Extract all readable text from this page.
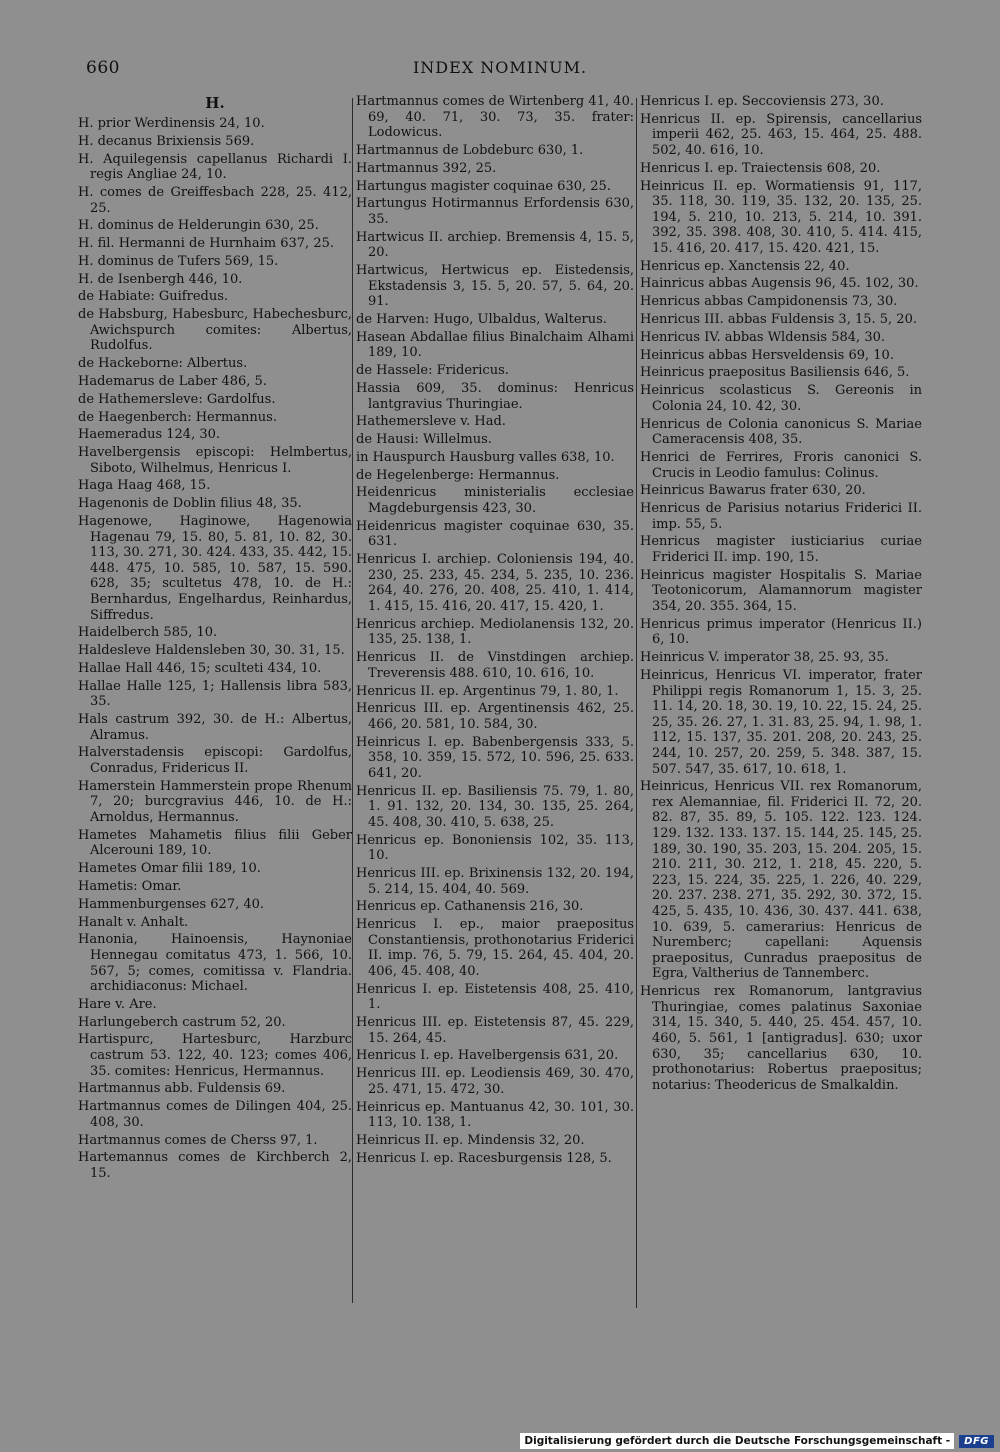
660	INDEX NOMINUM.
H.
H. prior Werdinensis 24, 10.
H. decanus Brixiensis 569.
H. Aquilegensis capellanus Richardi I. regis Angliae 24, 10.
H. comes de Greiffesbach 228, 25. 412, 25.
H. dominus de Helderungin 630, 25.
H. fil. Hermanni de Hurnhaim 637, 25.
H. dominus de Tufers 569, 15.
H. de Isenbergh 446, 10.
de Habiate: Guifredus.
de Habsburg, Habesburc, Habechesburc, Awichspurch comites: Albertus, Rudolfus.
de Hackeborne: Albertus.
Hademarus de Laber 486, 5.
de Hathemersleve: Gardolfus.
de Haegenberch: Hermannus.
Haemeradus 124, 30.
Havelbergensis episcopi: Helmbertus, Siboto, Wilhelmus, Henricus I.
Haga Haag 468, 15.
Hagenonis de Doblin filius 48, 35.
Hagenowe, Haginowe, Hagenowia Hagenau 79, 15. 80, 5. 81, 10. 82, 30. 113, 30. 271, 30. 424. 433, 35. 442, 15. 448. 475, 10. 585, 10. 587, 15. 590. 628, 35; scultetus 478, 10. de H.: Bernhardus, Engelhardus, Reinhardus, Siffredus.
Haidelberch 585, 10.
Haldesleve Haldensleben 30, 30. 31, 15.
Hallae Hall 446, 15; sculteti 434, 10.
Hallae Halle 125, 1; Hallensis libra 583, 35.
Hals castrum 392, 30. de H.: Albertus, Alramus.
Halverstadensis episcopi: Gardolfus, Conradus, Fridericus II.
Hamerstein Hammerstein prope Rhenum 7, 20; burcgravius 446, 10. de H.: Arnoldus, Hermannus.
Hametes Mahametis filius filii Geber Alcerouni 189, 10.
Hametes Omar filii 189, 10.
Hametis: Omar.
Hammenburgenses 627, 40.
Hanalt v. Anhalt.
Hanonia, Hainoensis, Haynoniae Hennegau comitatus 473, 1. 566, 10. 567, 5; comes, comitissa v. Flandria. archidiaconus: Michael.
Hare v. Are.
Harlungeberch castrum 52, 20.
Hartispurc, Hartesburc, Harzburc castrum 53. 122, 40. 123; comes 406, 35. comites: Henricus, Hermannus.
Hartmannus abb. Fuldensis 69.
Hartmannus comes de Dilingen 404, 25. 408, 30.
Hartmannus comes de Cherss 97, 1.
Hartemannus comes de Kirchberch 2, 15.
Hartmannus comes de Wirtenberg 41, 40. 69, 40. 71, 30. 73, 35. frater: Lodowicus.
Hartmannus de Lobdeburc 630, 1.
Hartmannus 392, 25.
Hartungus magister coquinae 630, 25.
Hartungus Hotirmannus Erfordensis 630, 35.
Hartwicus II. archiep. Bremensis 4, 15. 5, 20.
Hartwicus, Hertwicus ep. Eistedensis, Ekstadensis 3, 15. 5, 20. 57, 5. 64, 20. 91.
de Harven: Hugo, Ulbaldus, Walterus.
Hasean Abdallae filius Binalchaim Alhami 189, 10.
de Hassele: Fridericus.
Hassia 609, 35. dominus: Henricus lantgravius Thuringiae.
Hathemersleve v. Had.
de Hausi: Willelmus.
in Hauspurch Hausburg valles 638, 10.
de Hegelenberge: Hermannus.
Heidenricus ministerialis ecclesiae Magdeburgensis 423, 30.
Heidenricus magister coquinae 630, 35. 631.
Henricus I. archiep. Coloniensis 194, 40. 230, 25. 233, 45. 234, 5. 235, 10. 236. 264, 40. 276, 20. 408, 25. 410, 1. 414, 1. 415, 15. 416, 20. 417, 15. 420, 1.
Henricus archiep. Mediolanensis 132, 20. 135, 25. 138, 1.
Henricus II. de Vinstdingen archiep. Treverensis 488. 610, 10. 616, 10.
Henricus II. ep. Argentinus 79, 1. 80, 1.
Henricus III. ep. Argentinensis 462, 25. 466, 20. 581, 10. 584, 30.
Heinricus I. ep. Babenbergensis 333, 5. 358, 10. 359, 15. 572, 10. 596, 25. 633. 641, 20.
Henricus II. ep. Basiliensis 75. 79, 1. 80, 1. 91. 132, 20. 134, 30. 135, 25. 264, 45. 408, 30. 410, 5. 638, 25.
Henricus ep. Bononiensis 102, 35. 113, 10.
Henricus III. ep. Brixinensis 132, 20. 194, 5. 214, 15. 404, 40. 569.
Henricus ep. Cathanensis 216, 30.
Henricus I. ep., maior praepositus Constantiensis, prothonotarius Friderici II. imp. 76, 5. 79, 15. 264, 45. 404, 20. 406, 45. 408, 40.
Henricus I. ep. Eistetensis 408, 25. 410, 1.
Henricus III. ep. Eistetensis 87, 45. 229, 15. 264, 45.
Henricus I. ep. Havelbergensis 631, 20.
Henricus III. ep. Leodiensis 469, 30. 470, 25. 471, 15. 472, 30.
Heinricus ep. Mantuanus 42, 30. 101, 30. 113, 10. 138, 1.
Heinricus II. ep. Mindensis 32, 20.
Henricus I. ep. Racesburgensis 128, 5.
Henricus I. ep. Seccoviensis 273, 30.
Henricus II. ep. Spirensis, cancellarius imperii 462, 25. 463, 15. 464, 25. 488. 502, 40. 616, 10.
Henricus I. ep. Traiectensis 608, 20.
Heinricus II. ep. Wormatiensis 91, 117, 35. 118, 30. 119, 35. 132, 20. 135, 25. 194, 5. 210, 10. 213, 5. 214, 10. 391. 392, 35. 398. 408, 30. 410, 5. 414. 415, 15. 416, 20. 417, 15. 420. 421, 15.
Henricus ep. Xanctensis 22, 40.
Hainricus abbas Augensis 96, 45. 102, 30.
Henricus abbas Campidonensis 73, 30.
Henricus III. abbas Fuldensis 3, 15. 5, 20.
Henricus IV. abbas Wldensis 584, 30.
Heinricus abbas Hersveldensis 69, 10.
Heinricus praepositus Basiliensis 646, 5.
Heinricus scolasticus S. Gereonis in Colonia 24, 10. 42, 30.
Henricus de Colonia canonicus S. Mariae Cameracensis 408, 35.
Henrici de Ferrires, Froris canonici S. Crucis in Leodio famulus: Colinus.
Heinricus Bawarus frater 630, 20.
Henricus de Parisius notarius Friderici II. imp. 55, 5.
Henricus magister iusticiarius curiae Friderici II. imp. 190, 15.
Heinricus magister Hospitalis S. Mariae Teotonicorum, Alamannorum magister 354, 20. 355. 364, 15.
Henricus primus imperator (Henricus II.) 6, 10.
Heinricus V. imperator 38, 25. 93, 35.
Heinricus, Henricus VI. imperator, frater Philippi regis Romanorum 1, 15. 3, 25. 11. 14, 20. 18, 30. 19, 10. 22, 15. 24, 25. 25, 35. 26. 27, 1. 31. 83, 25. 94, 1. 98, 1. 112, 15. 137, 35. 201. 208, 20. 243, 25. 244, 10. 257, 20. 259, 5. 348. 387, 15. 507. 547, 35. 617, 10. 618, 1.
Heinricus, Henricus VII. rex Romanorum, rex Alemanniae, fil. Friderici II. 72, 20. 82. 87, 35. 89, 5. 105. 122. 123. 124. 129. 132. 133. 137. 15. 144, 25. 145, 25. 189, 30. 190, 35. 203, 15. 204. 205, 15. 210. 211, 30. 212, 1. 218, 45. 220, 5. 223, 15. 224, 35. 225, 1. 226, 40. 229, 20. 237. 238. 271, 35. 292, 30. 372, 15. 425, 5. 435, 10. 436, 30. 437. 441. 638, 10. 639, 5. camerarius: Henricus de Nuremberc; capellani: Aquensis praepositus, Cunradus praepositus de Egra, Valtherius de Tannemberc.
Henricus rex Romanorum, lantgravius Thuringiae, comes palatinus Saxoniae 314, 15. 340, 5. 440, 25. 454. 457, 10. 460, 5. 561, 1 [antigradus]. 630; uxor 630, 35; cancellarius 630, 10. prothonotarius: Robertus praepositus; notarius: Theodericus de Smalkaldin.
Digitalisierung gefördert durch die Deutsche Forschungsgemeinschaft -	DFG
